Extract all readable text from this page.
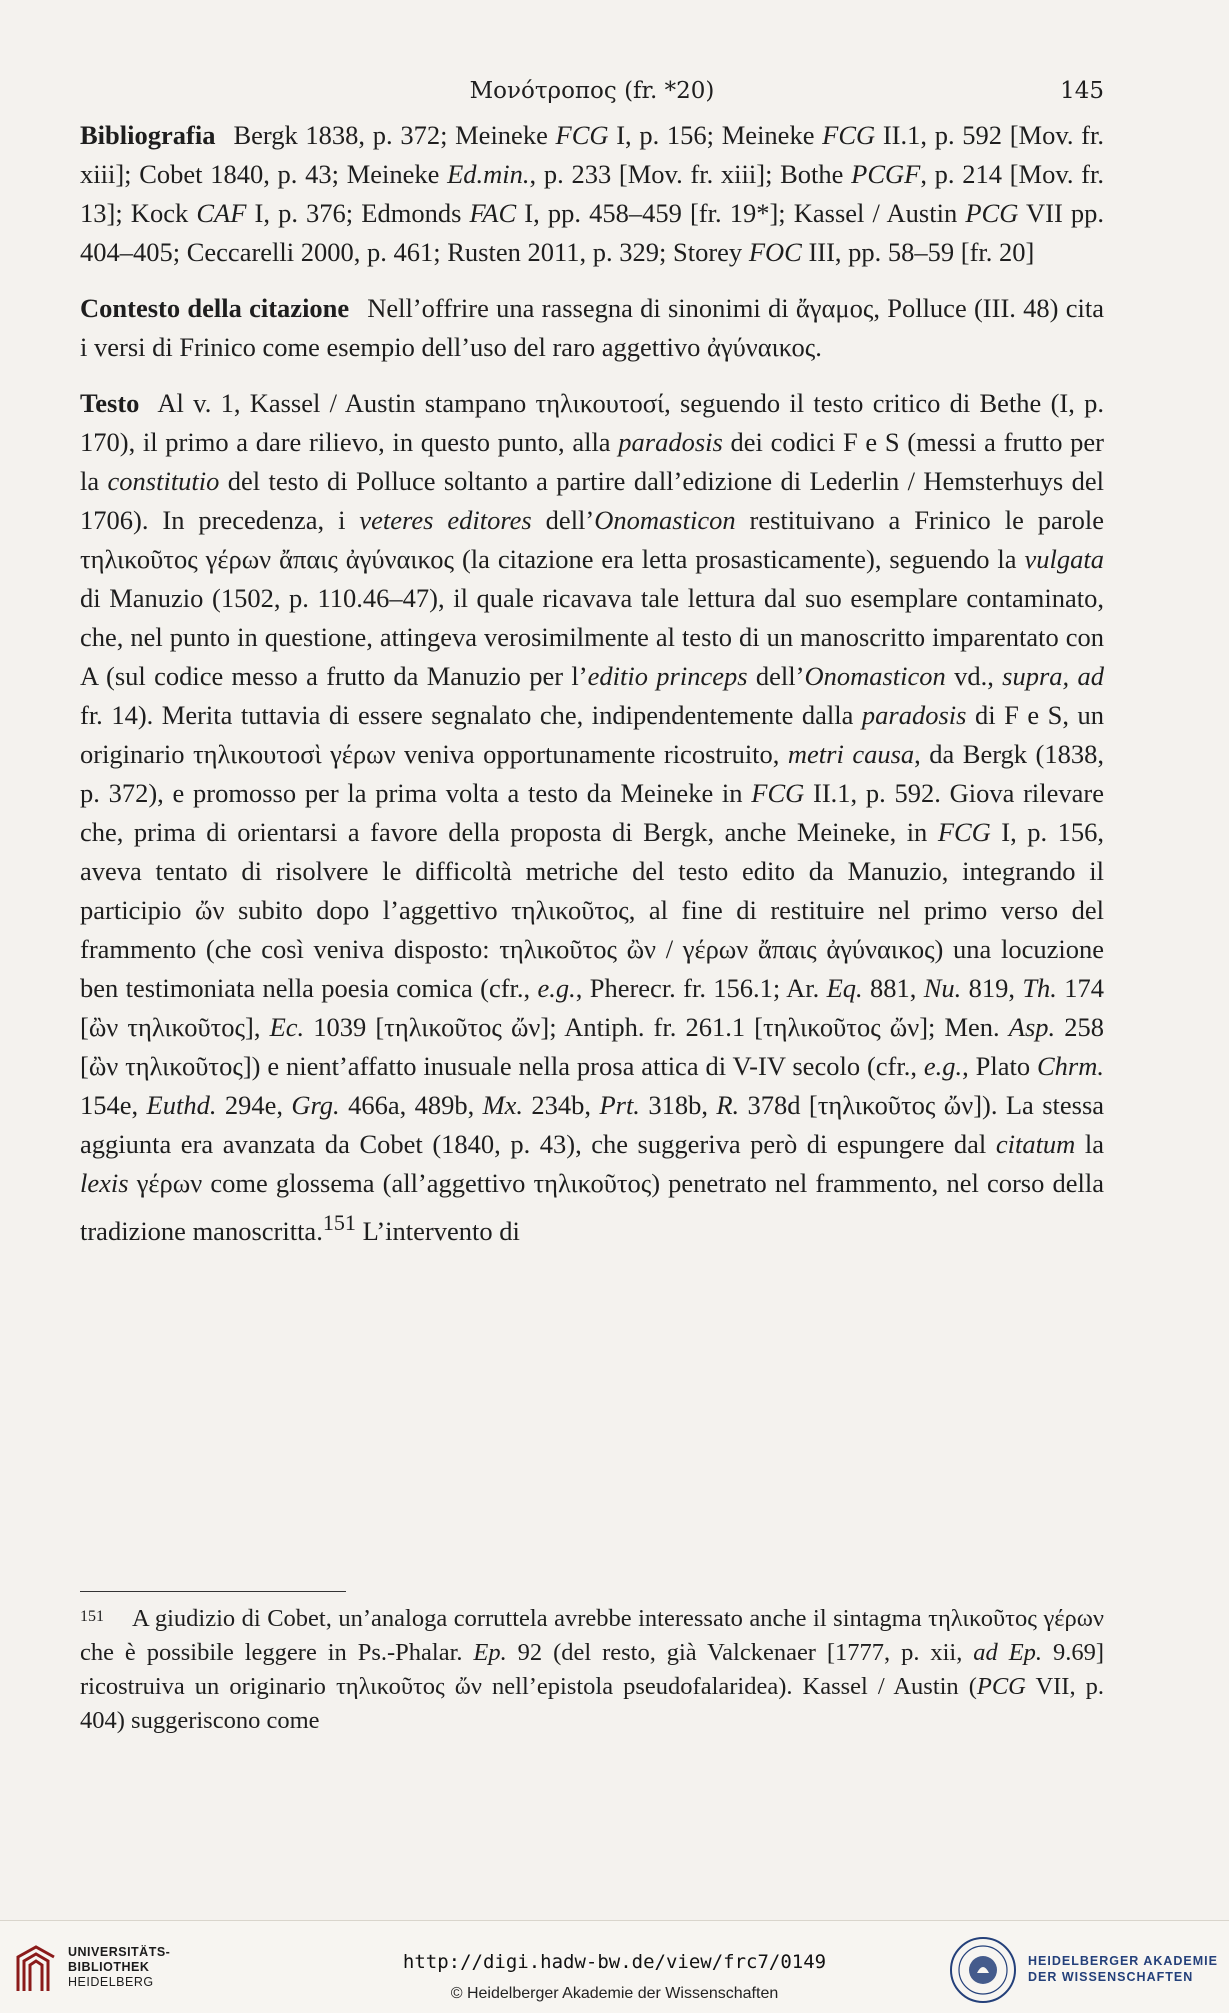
Μονότροπος (fr. *20)	145

Bibliografia Bergk 1838, p. 372; Meineke FCG I, p. 156; Meineke FCG II.1, p. 592 [Mov. fr. xiii]; Cobet 1840, p. 43; Meineke Ed.min., p. 233 [Mov. fr. xiii]; Bothe PCGF, p. 214 [Mov. fr. 13]; Kock CAF I, p. 376; Edmonds FAC I, pp. 458–459 [fr. 19*]; Kassel / Austin PCG VII pp. 404–405; Ceccarelli 2000, p. 461; Rusten 2011, p. 329; Storey FOC III, pp. 58–59 [fr. 20]

Contesto della citazione Nell’offrire una rassegna di sinonimi di ἄγαμος, Polluce (III. 48) cita i versi di Frinico come esempio dell’uso del raro aggettivo ἀγύναικος.

Testo Al v. 1, Kassel / Austin stampano τηλικουτοσί, seguendo il testo critico di Bethe (I, p. 170), il primo a dare rilievo, in questo punto, alla paradosis dei codici F e S (messi a frutto per la constitutio del testo di Polluce soltanto a partire dall’edizione di Lederlin / Hemsterhuys del 1706). In precedenza, i veteres editores dell’Onomasticon restituivano a Frinico le parole τηλικοῦτος γέρων ἄπαις ἀγύναικος (la citazione era letta prosasticamente), seguendo la vulgata di Manuzio (1502, p. 110.46–47), il quale ricavava tale lettura dal suo esemplare contaminato, che, nel punto in questione, attingeva verosimilmente al testo di un manoscritto imparentato con A (sul codice messo a frutto da Manuzio per l’editio princeps dell’Onomasticon vd., supra, ad fr. 14). Merita tuttavia di essere segnalato che, indipendentemente dalla paradosis di F e S, un originario τηλικουτοσὶ γέρων veniva opportunamente ricostruito, metri causa, da Bergk (1838, p. 372), e promosso per la prima volta a testo da Meineke in FCG II.1, p. 592. Giova rilevare che, prima di orientarsi a favore della proposta di Bergk, anche Meineke, in FCG I, p. 156, aveva tentato di risolvere le difficoltà metriche del testo edito da Manuzio, integrando il participio ὤν subito dopo l’aggettivo τηλικοῦτος, al fine di restituire nel primo verso del frammento (che così veniva disposto: τηλικοῦτος ὢν / γέρων ἄπαις ἀγύναικος) una locuzione ben testimoniata nella poesia comica (cfr., e.g., Pherecr. fr. 156.1; Ar. Eq. 881, Nu. 819, Th. 174 [ὢν τηλικοῦτος], Ec. 1039 [τηλικοῦτος ὤν]; Antiph. fr. 261.1 [τηλικοῦτος ὤν]; Men. Asp. 258 [ὢν τηλικοῦτος]) e nient’affatto inusuale nella prosa attica di V-IV secolo (cfr., e.g., Plato Chrm. 154e, Euthd. 294e, Grg. 466a, 489b, Mx. 234b, Prt. 318b, R. 378d [τηλικοῦτος ὤν]). La stessa aggiunta era avanzata da Cobet (1840, p. 43), che suggeriva però di espungere dal citatum la lexis γέρων come glossema (all’aggettivo τηλικοῦτος) penetrato nel frammento, nel corso della tradizione manoscritta.$^{151}$ L’intervento di

151 A giudizio di Cobet, un’analoga corruttela avrebbe interessato anche il sintagma τηλικοῦτος γέρων che è possibile leggere in Ps.-Phalar. Ep. 92 (del resto, già Valckenaer [1777, p. xii, ad Ep. 9.69] ricostruiva un originario τηλικοῦτος ὤν nell’epistola pseudofalaridea). Kassel / Austin (PCG VII, p. 404) suggeriscono come
UNIVERSITÄTS-
BIBLIOTHEK
HEIDELBERG
http://digi.hadw-bw.de/view/frc7/0149
© Heidelberger Akademie der Wissenschaften
HEIDELBERGER AKADEMIE
DER WISSENSCHAFTEN
